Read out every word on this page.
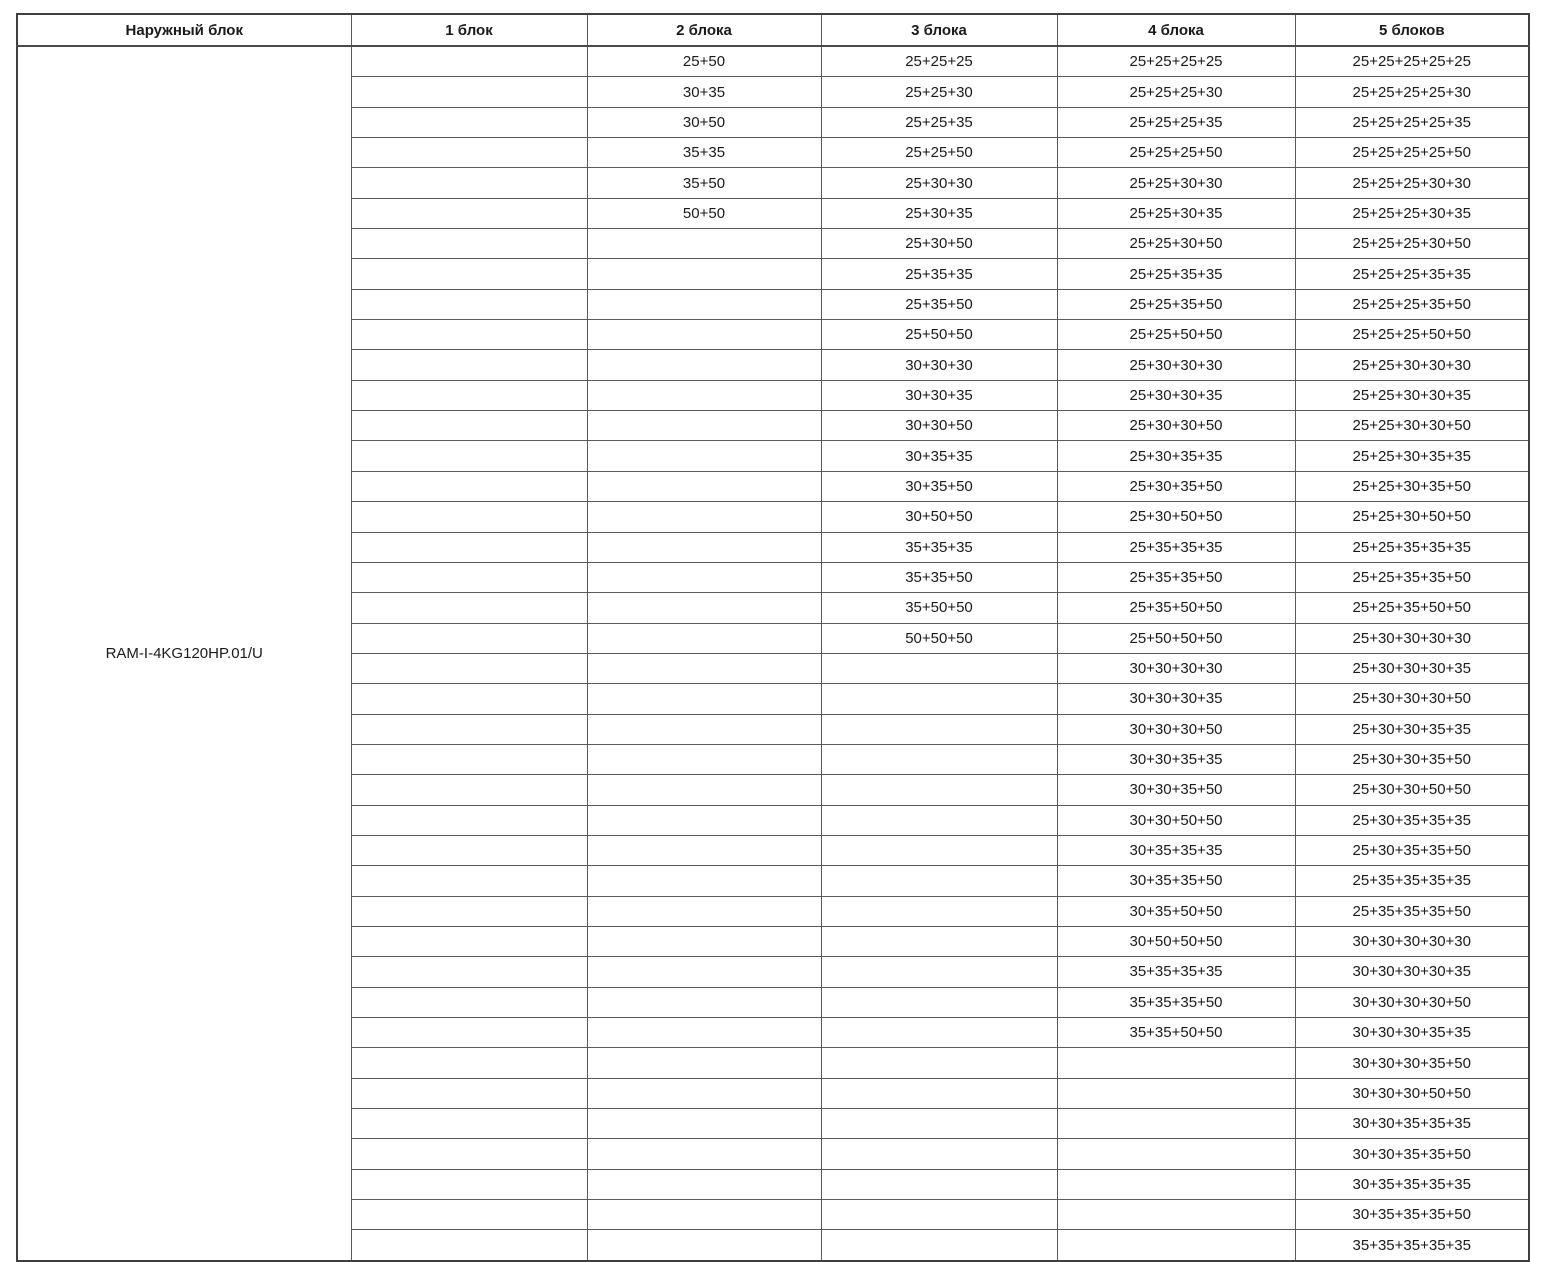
Наружный блок	1 блок	2 блока	3 блока	4 блока	5 блоков
RAM-I-4KG120HP.01/U		25+50	25+25+25	25+25+25+25	25+25+25+25+25
		30+35	25+25+30	25+25+25+30	25+25+25+25+30
		30+50	25+25+35	25+25+25+35	25+25+25+25+35
		35+35	25+25+50	25+25+25+50	25+25+25+25+50
		35+50	25+30+30	25+25+30+30	25+25+25+30+30
		50+50	25+30+35	25+25+30+35	25+25+25+30+35
			25+30+50	25+25+30+50	25+25+25+30+50
			25+35+35	25+25+35+35	25+25+25+35+35
			25+35+50	25+25+35+50	25+25+25+35+50
			25+50+50	25+25+50+50	25+25+25+50+50
			30+30+30	25+30+30+30	25+25+30+30+30
			30+30+35	25+30+30+35	25+25+30+30+35
			30+30+50	25+30+30+50	25+25+30+30+50
			30+35+35	25+30+35+35	25+25+30+35+35
			30+35+50	25+30+35+50	25+25+30+35+50
			30+50+50	25+30+50+50	25+25+30+50+50
			35+35+35	25+35+35+35	25+25+35+35+35
			35+35+50	25+35+35+50	25+25+35+35+50
			35+50+50	25+35+50+50	25+25+35+50+50
			50+50+50	25+50+50+50	25+30+30+30+30
				30+30+30+30	25+30+30+30+35
				30+30+30+35	25+30+30+30+50
				30+30+30+50	25+30+30+35+35
				30+30+35+35	25+30+30+35+50
				30+30+35+50	25+30+30+50+50
				30+30+50+50	25+30+35+35+35
				30+35+35+35	25+30+35+35+50
				30+35+35+50	25+35+35+35+35
				30+35+50+50	25+35+35+35+50
				30+50+50+50	30+30+30+30+30
				35+35+35+35	30+30+30+30+35
				35+35+35+50	30+30+30+30+50
				35+35+50+50	30+30+30+35+35
					30+30+30+35+50
					30+30+30+50+50
					30+30+35+35+35
					30+30+35+35+50
					30+35+35+35+35
					30+35+35+35+50
					35+35+35+35+35
